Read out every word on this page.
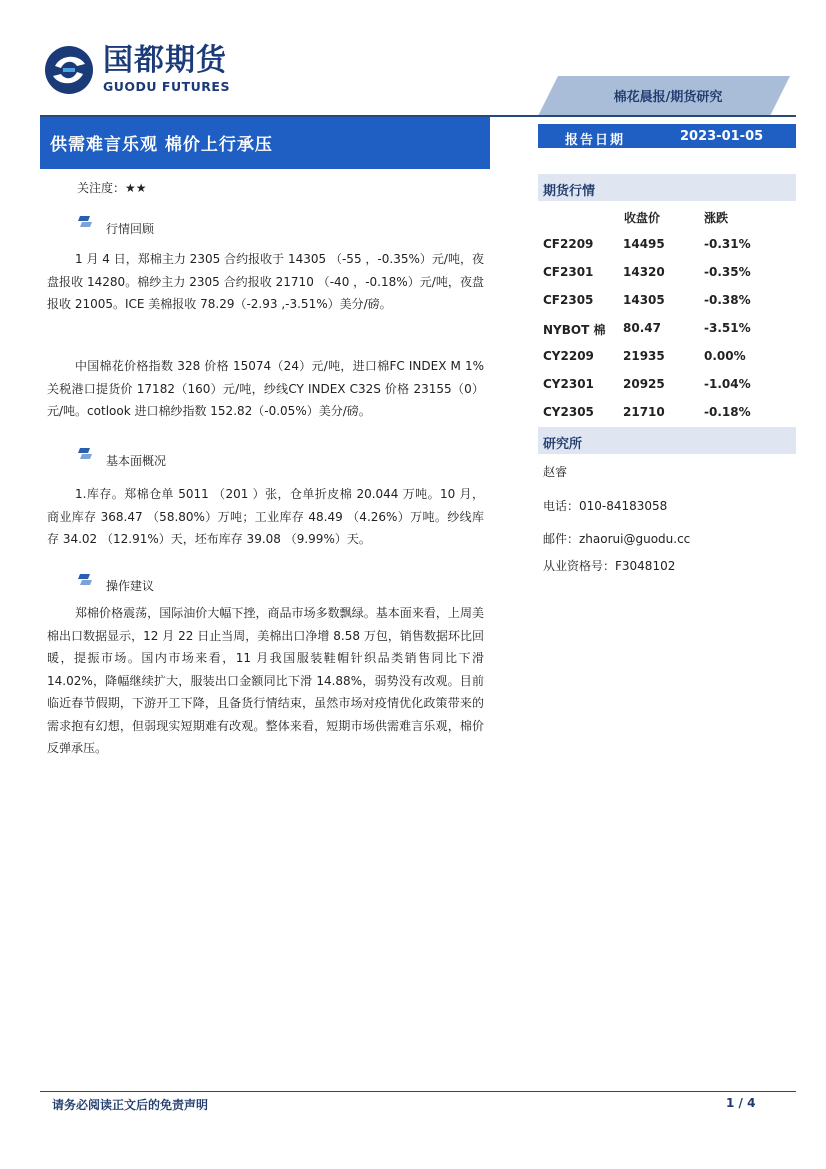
国都期货
GUODU FUTURES
棉花晨报/期货研究
供需难言乐观 棉价上行承压	报告日期	2023-01-05
关注度：★★
行情回顾

1 月 4 日，郑棉主力 2305 合约报收于 14305 （-55 ，-0.35%）元/吨，夜盘报收 14280。棉纱主力 2305 合约报收 21710 （-40 ，-0.18%）元/吨，夜盘报收 21005。ICE 美棉报收 78.29（-2.93 ,-3.51%）美分/磅。

中国棉花价格指数 328 价格 15074（24）元/吨，进口棉FC INDEX M 1%关税港口提货价 17182（160）元/吨，纱线CY INDEX C32S 价格 23155（0）元/吨。cotlook 进口棉纱指数 152.82（-0.05%）美分/磅。

基本面概况

1.库存。郑棉仓单 5011 （201 ）张，仓单折皮棉 20.044 万吨。10 月，商业库存 368.47 （58.80%）万吨；工业库存 48.49 （4.26%）万吨。纱线库存 34.02 （12.91%）天，坯布库存 39.08 （9.99%）天。

操作建议

郑棉价格震荡，国际油价大幅下挫，商品市场多数飘绿。基本面来看，上周美棉出口数据显示，12 月 22 日止当周，美棉出口净增 8.58 万包，销售数据环比回暖，提振市场。国内市场来看，11 月我国服装鞋帽针织品类销售同比下滑 14.02%，降幅继续扩大，服装出口金额同比下滑 14.88%，弱势没有改观。目前临近春节假期，下游开工下降，且备货行情结束，虽然市场对疫情优化政策带来的需求抱有幻想，但弱现实短期难有改观。整体来看，短期市场供需难言乐观，棉价反弹承压。

期货行情
收盘价	涨跌
CF2209 14495	-0.31%
CF2301 14320	-0.35%
CF2305 14305	-0.38%
NYBOT 棉 80.47	-3.51%
CY2209 21935	0.00%
CY2301 20925	-1.04%
CY2305 21710	-0.18%
研究所
赵睿
电话：010-84183058
邮件：zhaorui@guodu.cc
从业资格号：F3048102
请务必阅读正文后的免责声明	1 / 4
